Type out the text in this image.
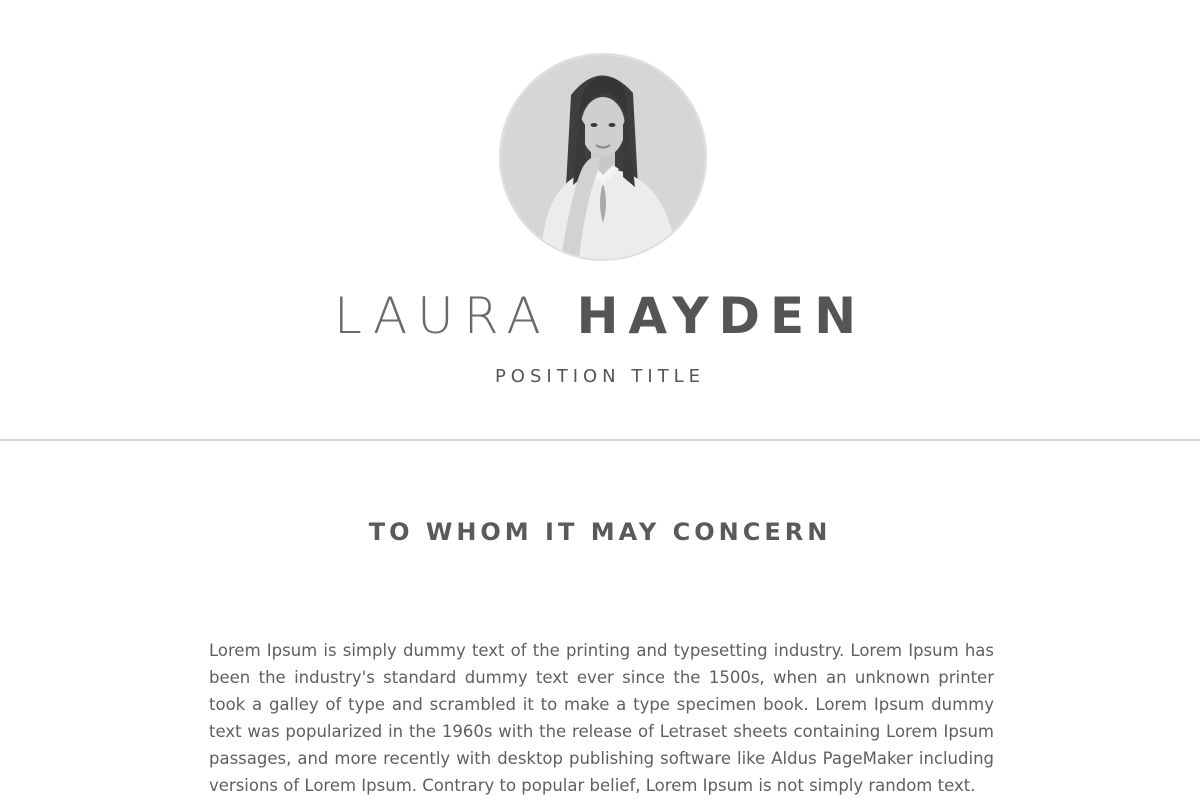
LAURA HAYDEN
POSITION TITLE
TO WHOM IT MAY CONCERN

Lorem Ipsum is simply dummy text of the printing and typesetting industry. Lorem Ipsum has been the industry's standard dummy text ever since the 1500s, when an unknown printer took a galley of type and scrambled it to make a type specimen book. Lorem Ipsum dummy text was popularized in the 1960s with the release of Letraset sheets containing Lorem Ipsum passages, and more recently with desktop publishing software like Aldus PageMaker including versions of Lorem Ipsum. Contrary to popular belief, Lorem Ipsum is not simply random text.
